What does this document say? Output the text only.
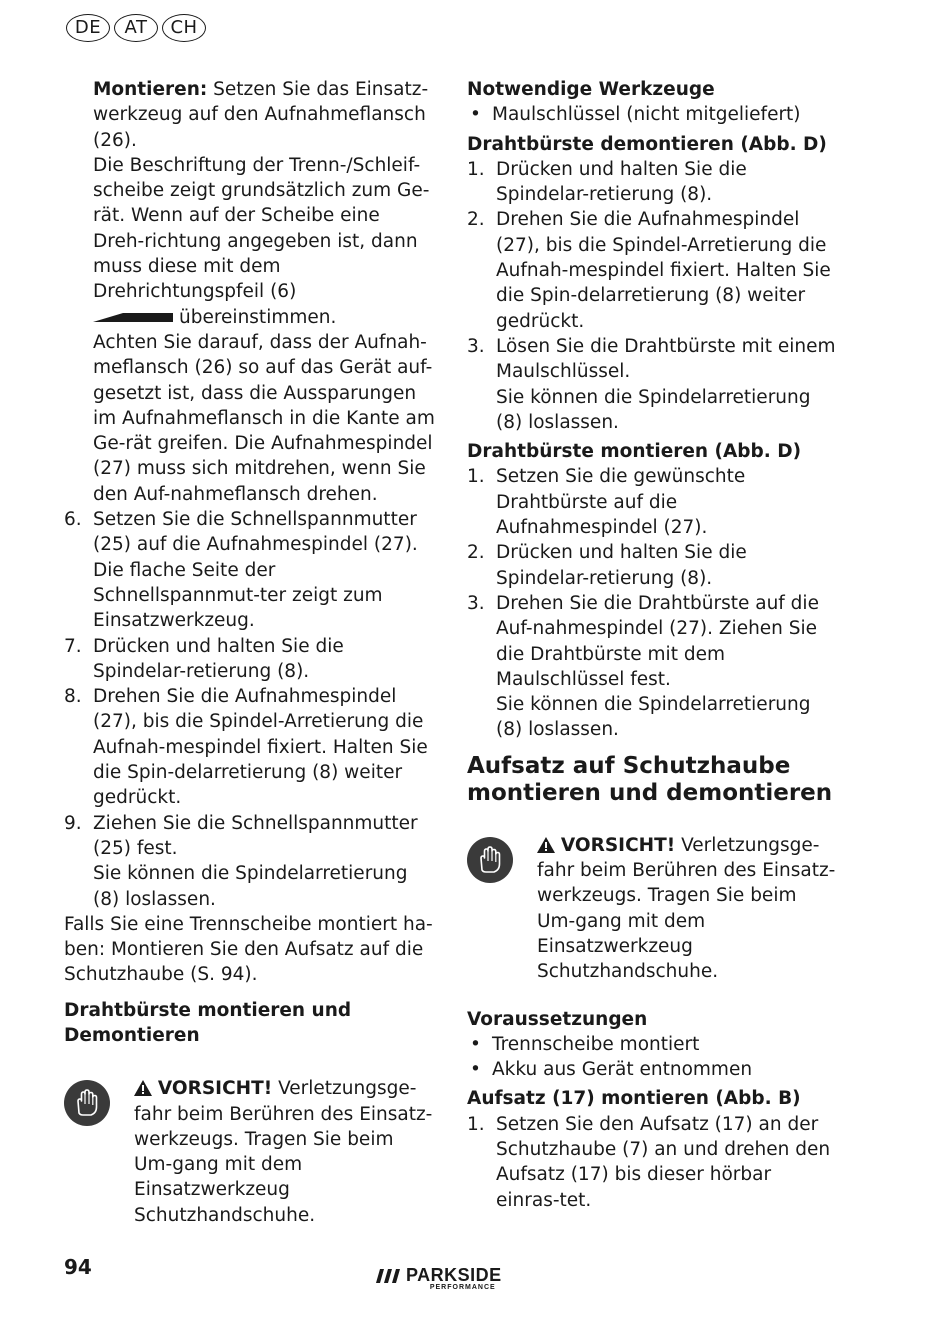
DE	AT	CH

Montieren: Setzen Sie das Einsatz-werkzeug auf den Aufnahmeflansch (26).

Die Beschriftung der Trenn-/Schleif-scheibe zeigt grundsätzlich zum Ge-rät. Wenn auf der Scheibe eine Dreh-richtung angegeben ist, dann muss diese mit dem Drehrichtungspfeil (6)

übereinstimmen.

Achten Sie darauf, dass der Aufnah-meflansch (26) so auf das Gerät auf-gesetzt ist, dass die Aussparungen im Aufnahmeflansch in die Kante am Ge-rät greifen. Die Aufnahmespindel (27) muss sich mitdrehen, wenn Sie den Auf-nahmeflansch drehen.

6. Setzen Sie die Schnellspannmutter (25) auf die Aufnahmespindel (27). Die flache Seite der Schnellspannmut-ter zeigt zum Einsatzwerkzeug.
7. Drücken und halten Sie die Spindelar-retierung (8).
8. Drehen Sie die Aufnahmespindel (27), bis die Spindel-Arretierung die Aufnah-mespindel fixiert. Halten Sie die Spin-delarretierung (8) weiter gedrückt.
9. Ziehen Sie die Schnellspannmutter (25) fest.

Sie können die Spindelarretierung (8) loslassen.

Falls Sie eine Trennscheibe montiert ha-ben: Montieren Sie den Aufsatz auf die Schutzhaube (S. 94).

Drahtbürste montieren und Demontieren

VORSICHT! Verletzungsge-fahr beim Berühren des Einsatz-werkzeugs. Tragen Sie beim Um-gang mit dem Einsatzwerkzeug Schutzhandschuhe.

Notwendige Werkzeuge

• Maulschlüssel (nicht mitgeliefert)

Drahtbürste demontieren (Abb. D)

1. Drücken und halten Sie die Spindelar-retierung (8).
2. Drehen Sie die Aufnahmespindel (27), bis die Spindel-Arretierung die Aufnah-mespindel fixiert. Halten Sie die Spin-delarretierung (8) weiter gedrückt.
3. Lösen Sie die Drahtbürste mit einem Maulschlüssel.

Sie können die Spindelarretierung (8) loslassen.

Drahtbürste montieren (Abb. D)

1. Setzen Sie die gewünschte Drahtbürste auf die Aufnahmespindel (27).
2. Drücken und halten Sie die Spindelar-retierung (8).
3. Drehen Sie die Drahtbürste auf die Auf-nahmespindel (27). Ziehen Sie die Drahtbürste mit dem Maulschlüssel fest.

Sie können die Spindelarretierung (8) loslassen.

Aufsatz auf Schutzhaube
montieren und demontieren

VORSICHT! Verletzungsge-fahr beim Berühren des Einsatz-werkzeugs. Tragen Sie beim Um-gang mit dem Einsatzwerkzeug Schutzhandschuhe.

Voraussetzungen

• Trennscheibe montiert
• Akku aus Gerät entnommen

Aufsatz (17) montieren (Abb. B)

1. Setzen Sie den Aufsatz (17) an der Schutzhaube (7) an und drehen den Aufsatz (17) bis dieser hörbar einras-tet.
94	PARKSIDE
PERFORMANCE
